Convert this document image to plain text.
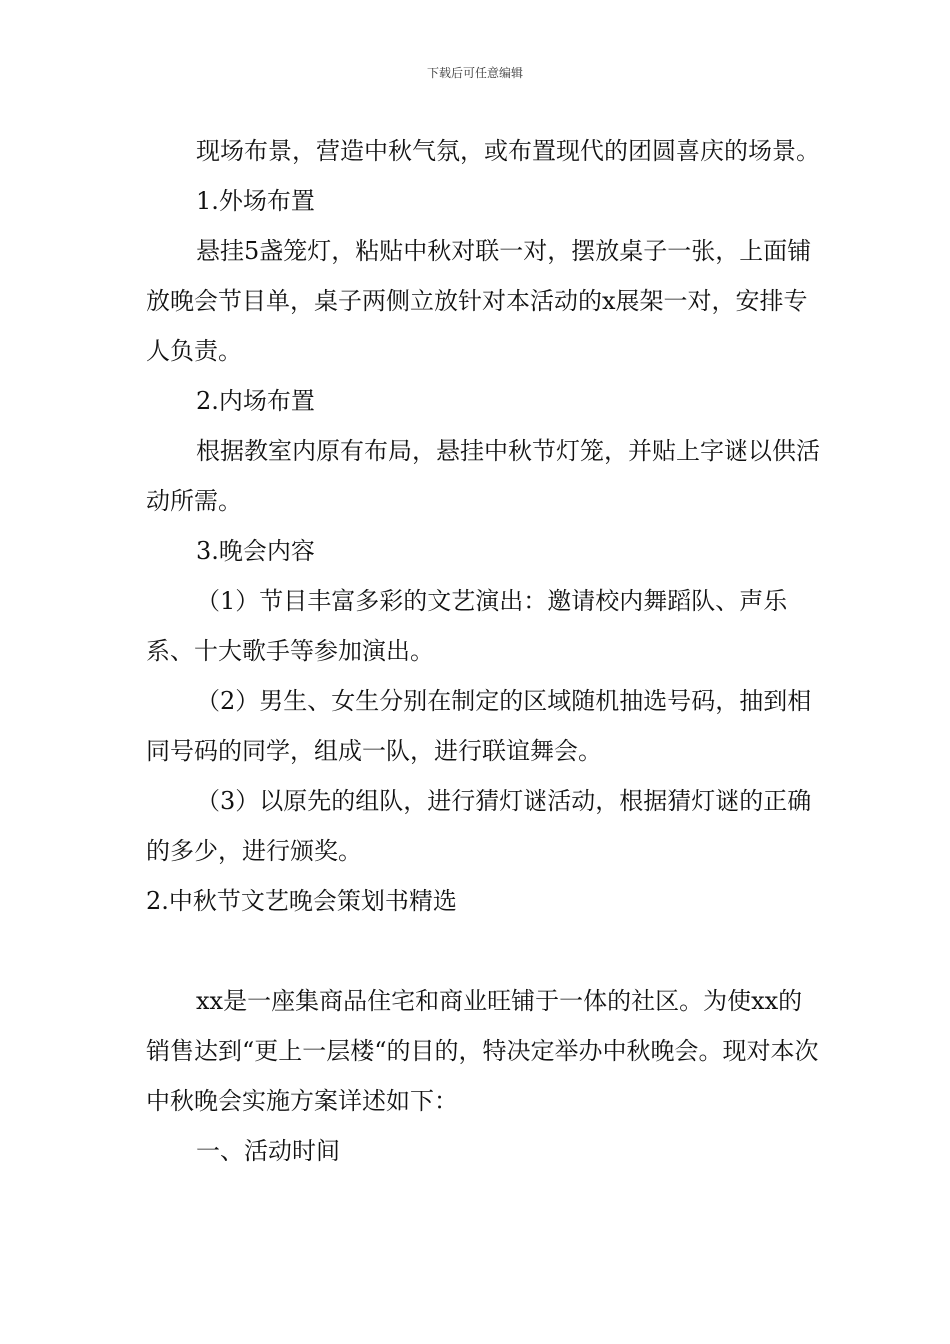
下载后可任意编辑

现场布景，营造中秋气氛，或布置现代的团圆喜庆的场景。

1.外场布置

悬挂5盏笼灯，粘贴中秋对联一对，摆放桌子一张，上面铺放晚会节目单，桌子两侧立放针对本活动的x展架一对，安排专人负责。

2.内场布置

根据教室内原有布局，悬挂中秋节灯笼，并贴上字谜以供活动所需。

3.晚会内容

（1）节目丰富多彩的文艺演出：邀请校内舞蹈队、声乐系、十大歌手等参加演出。

（2）男生、女生分别在制定的区域随机抽选号码，抽到相同号码的同学，组成一队，进行联谊舞会。

（3）以原先的组队，进行猜灯谜活动，根据猜灯谜的正确的多少，进行颁奖。

2.中秋节文艺晚会策划书精选

xx是一座集商品住宅和商业旺铺于一体的社区。为使xx的销售达到“更上一层楼“的目的，特决定举办中秋晚会。现对本次中秋晚会实施方案详述如下：

一、活动时间
